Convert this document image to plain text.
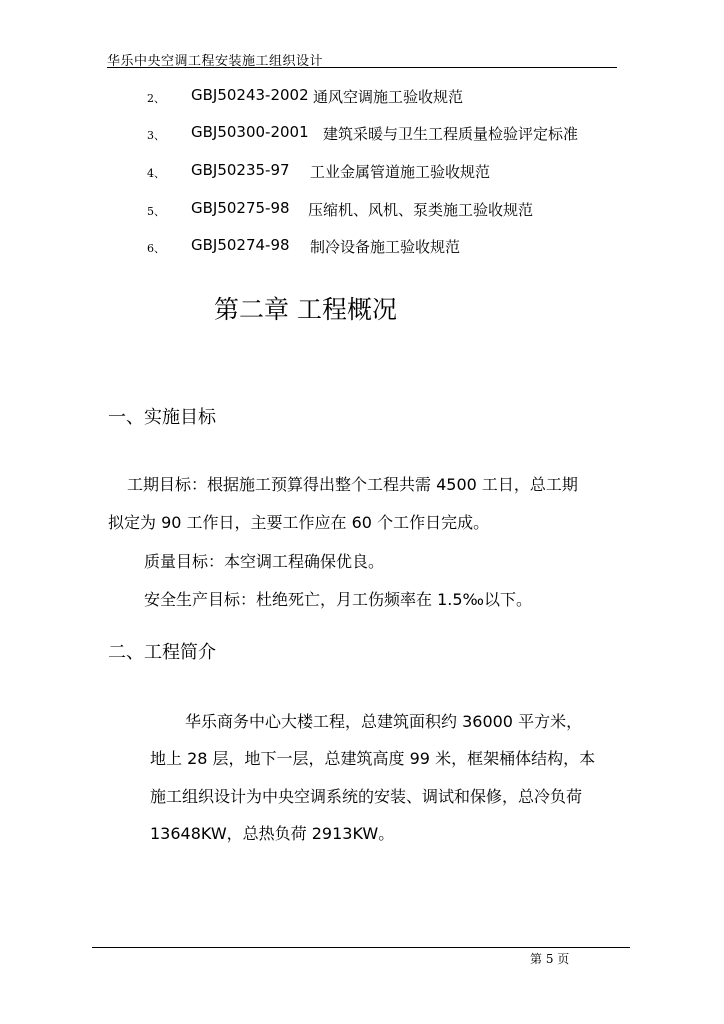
华乐中央空调工程安装施工组织设计
2、 GBJ50243-2002 通风空调施工验收规范
3、 GBJ50300-2001 建筑采暖与卫生工程质量检验评定标准
4、 GBJ50235-97 工业金属管道施工验收规范
5、 GBJ50275-98 压缩机、风机、泵类施工验收规范
6、 GBJ50274-98 制冷设备施工验收规范
第二章 工程概况
一、实施目标
工期目标：根据施工预算得出整个工程共需 4500 工日，总工期
拟定为 90 工作日，主要工作应在 60 个工作日完成。
质量目标：本空调工程确保优良。
安全生产目标：杜绝死亡，月工伤频率在 1.5‰以下。
二、工程简介
华乐商务中心大楼工程，总建筑面积约 36000 平方米，
地上 28 层，地下一层，总建筑高度 99 米，框架桶体结构，本
施工组织设计为中央空调系统的安装、调试和保修，总冷负荷
13648KW，总热负荷 2913KW。
第 5 页
